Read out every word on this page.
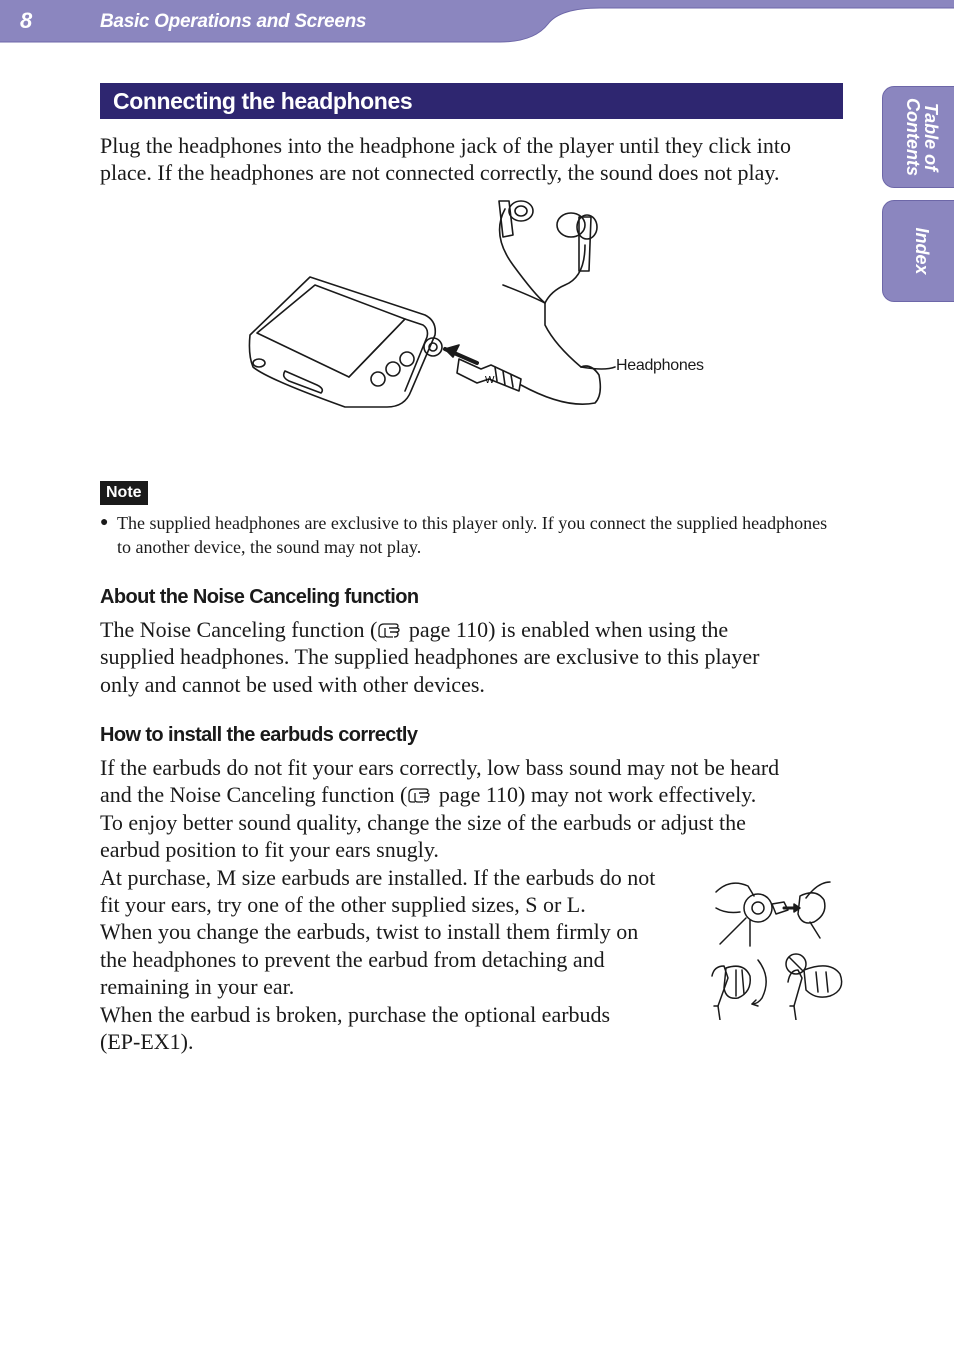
8	Basic Operations and Screens
Table of
Contents
Index
Connecting the headphones
Plug the headphones into the headphone jack of the player until they click into
place. If the headphones are not connected correctly, the sound does not play.
W
Headphones
Note
● The supplied headphones are exclusive to this player only. If you connect the supplied headphones to another device, the sound may not play.
About the Noise Canceling function
The Noise Canceling function ( page 110) is enabled when using the
supplied headphones. The supplied headphones are exclusive to this player
only and cannot be used with other devices.
How to install the earbuds correctly
If the earbuds do not fit your ears correctly, low bass sound may not be heard
and the Noise Canceling function ( page 110) may not work effectively.
To enjoy better sound quality, change the size of the earbuds or adjust the
earbud position to fit your ears snugly.
At purchase, M size earbuds are installed. If the earbuds do not
fit your ears, try one of the other supplied sizes, S or L.
When you change the earbuds, twist to install them firmly on
the headphones to prevent the earbud from detaching and
remaining in your ear.
When the earbud is broken, purchase the optional earbuds
(EP-EX1).
